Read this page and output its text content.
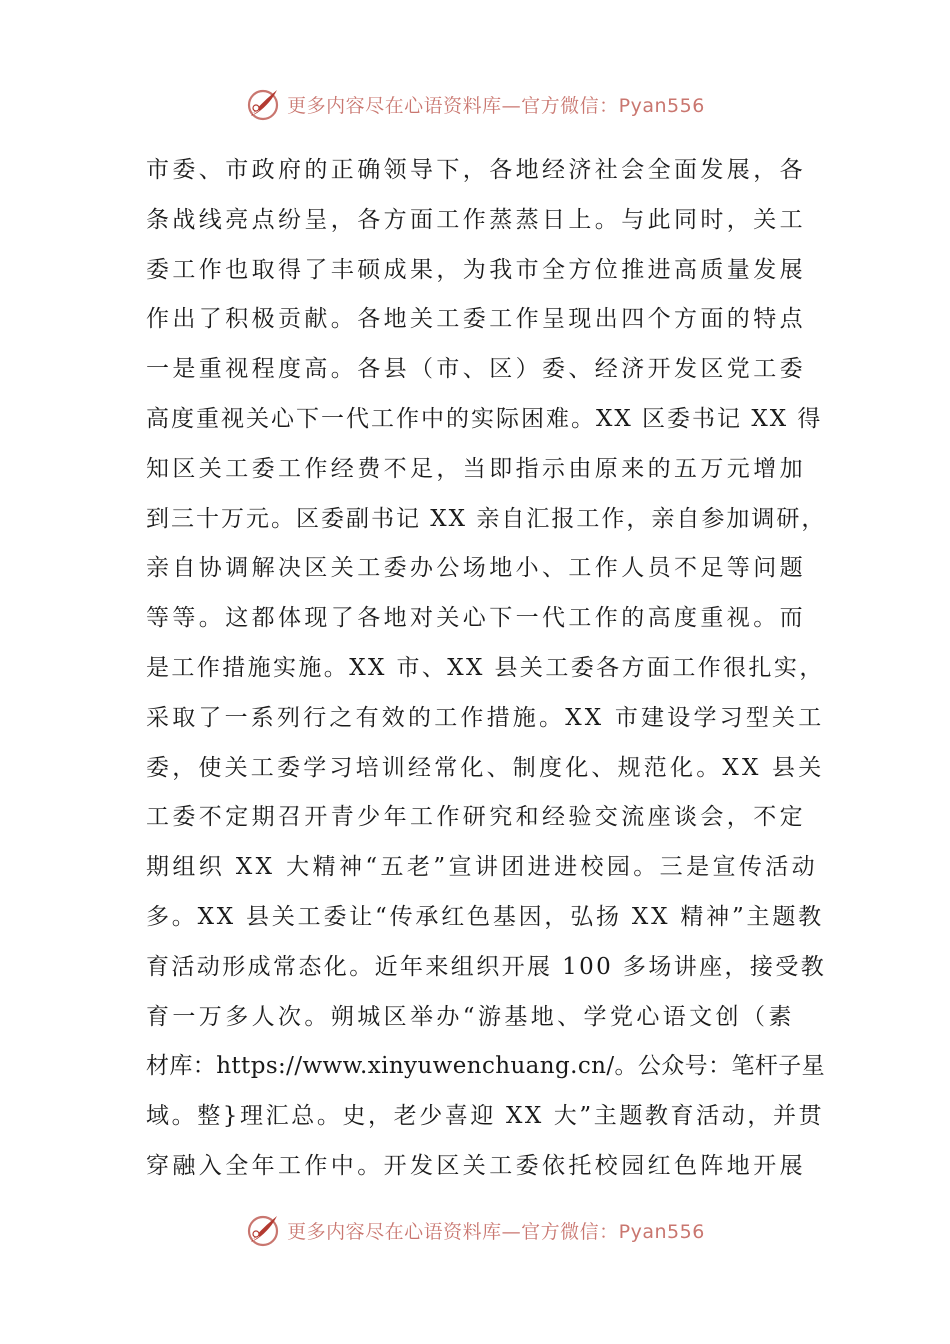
更多内容尽在心语资料库—官方微信：Pyan556
市委、市政府的正确领导下，各地经济社会全面发展，各
条战线亮点纷呈，各方面工作蒸蒸日上。与此同时，关工
委工作也取得了丰硕成果，为我市全方位推进高质量发展
作出了积极贡献。各地关工委工作呈现出四个方面的特点
一是重视程度高。各县（市、区）委、经济开发区党工委
高度重视关心下一代工作中的实际困难。XX 区委书记 XX 得
知区关工委工作经费不足，当即指示由原来的五万元增加
到三十万元。区委副书记 XX 亲自汇报工作，亲自参加调研，
亲自协调解决区关工委办公场地小、工作人员不足等问题
等等。这都体现了各地对关心下一代工作的高度重视。而
是工作措施实施。XX 市、XX 县关工委各方面工作很扎实，
采取了一系列行之有效的工作措施。XX 市建设学习型关工
委，使关工委学习培训经常化、制度化、规范化。XX 县关
工委不定期召开青少年工作研究和经验交流座谈会，不定
期组织 XX 大精神“五老”宣讲团进进校园。三是宣传活动
多。XX 县关工委让“传承红色基因，弘扬 XX 精神”主题教
育活动形成常态化。近年来组织开展 100 多场讲座，接受教
育一万多人次。朔城区举办“游基地、学党心语文创（素
材库：https://www.xinyuwenchuang.cn/。公众号：笔杆子星
域。整}理汇总。史，老少喜迎 XX 大”主题教育活动，并贯
穿融入全年工作中。开发区关工委依托校园红色阵地开展
更多内容尽在心语资料库—官方微信：Pyan556
